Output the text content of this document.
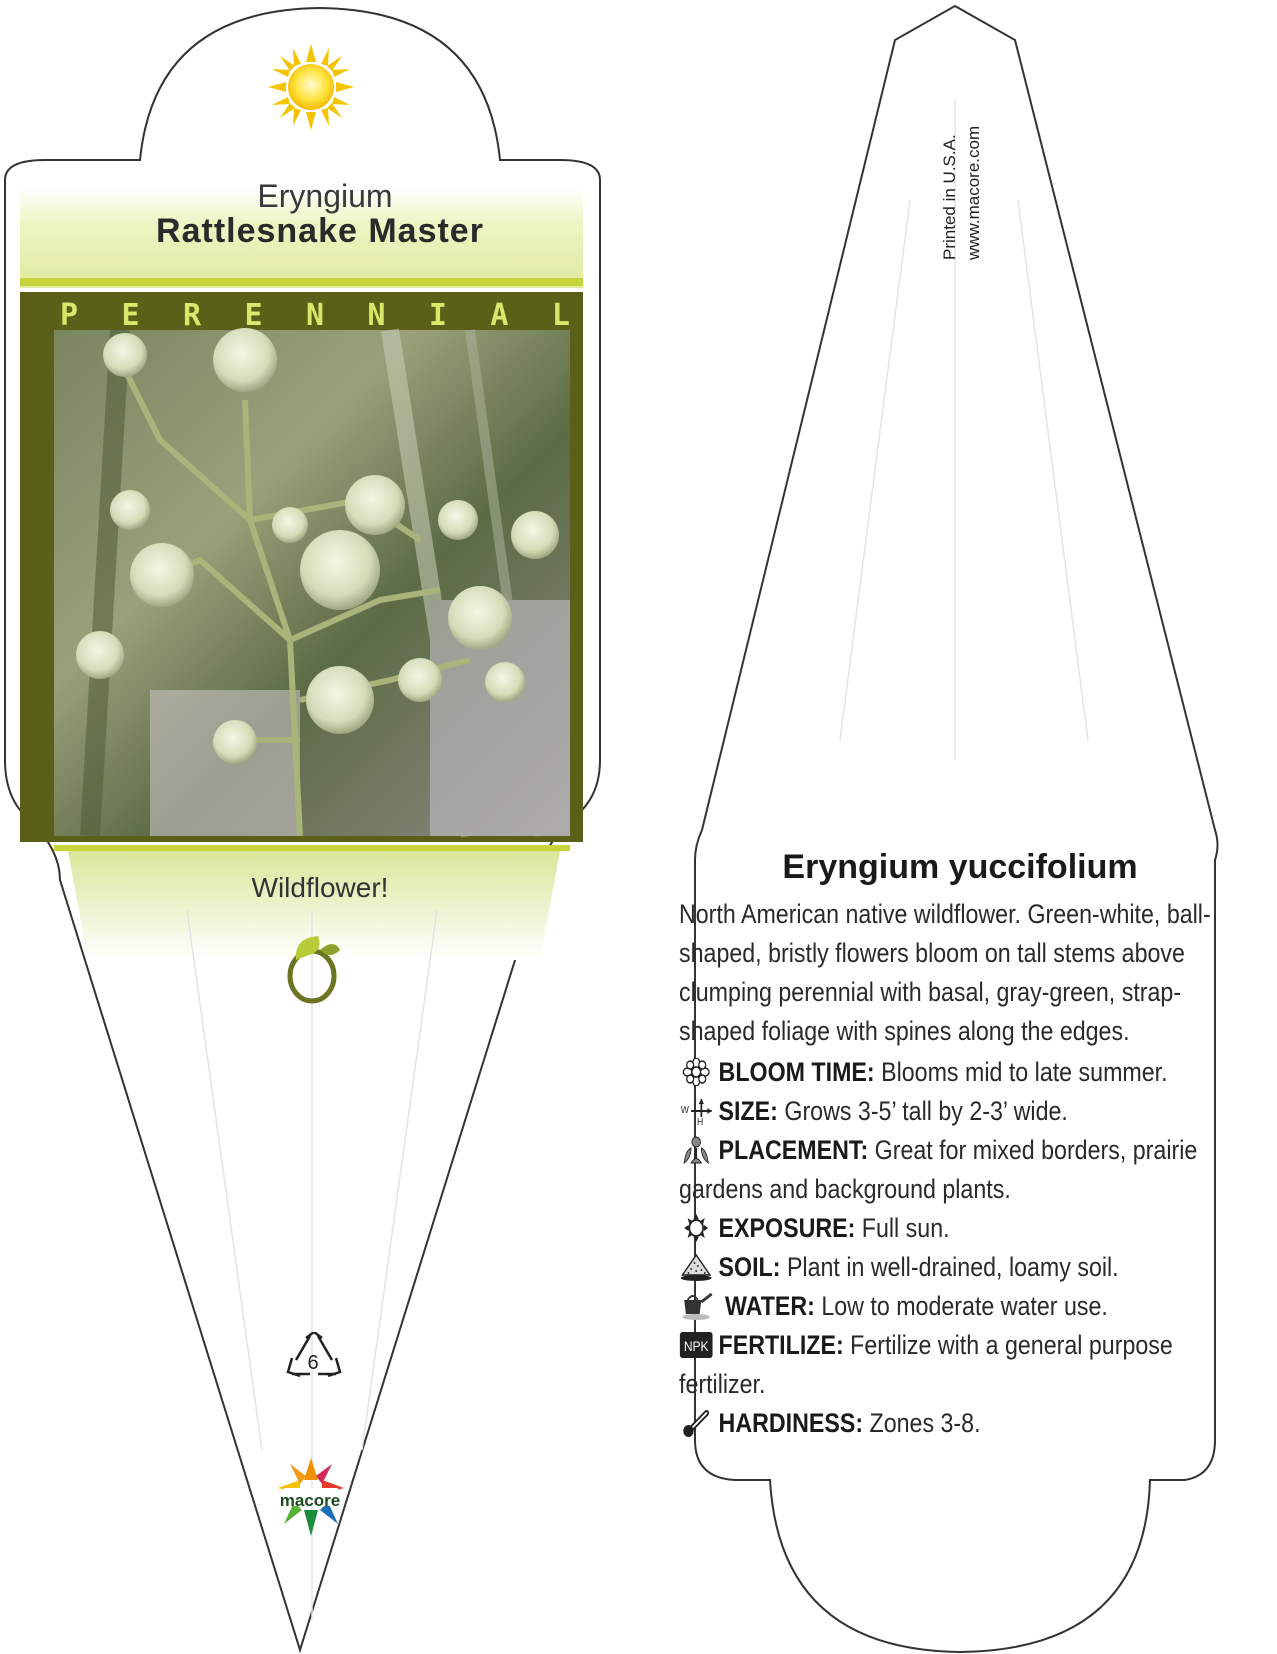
Eryngium
Rattlesnake Master
P E R E N N I A L
Wildflower!
6
macore
Printed in U.S.A. www.macore.com
Eryngium yuccifolium
North American native wildflower. Green-white, ball-shaped, bristly flowers bloom on tall stems above clumping perennial with basal, gray-green, strap-shaped foliage with spines along the edges.
BLOOM TIME: Blooms mid to late summer.
W
H SIZE: Grows 3-5’ tall by 2-3’ wide.
PLACEMENT: Great for mixed borders, prairie gardens and background plants.
EXPOSURE: Full sun.
SOIL: Plant in well-drained, loamy soil.
WATER: Low to moderate water use.
NPK FERTILIZE: Fertilize with a general purpose fertilizer.
HARDINESS: Zones 3-8.
